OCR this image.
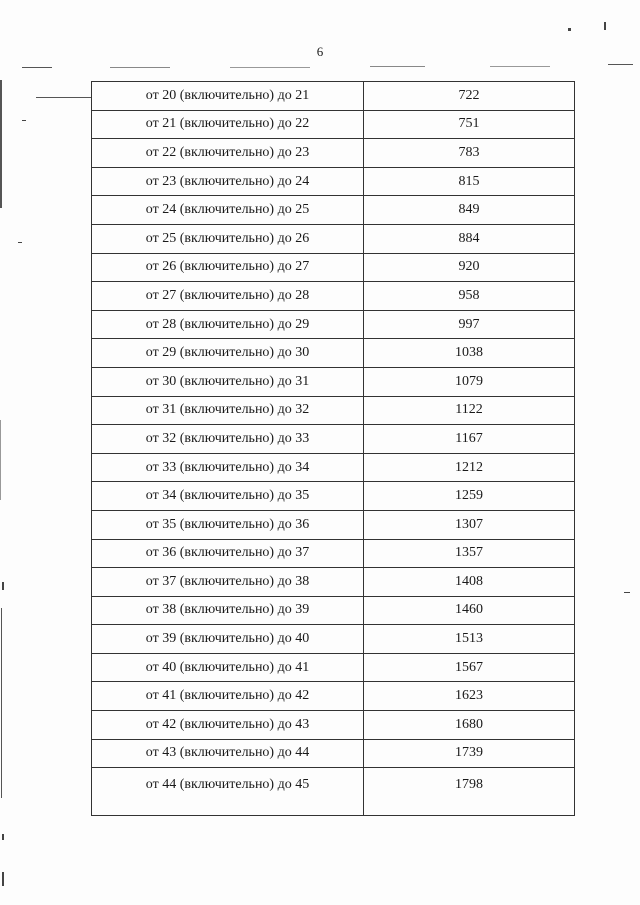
6
от 20 (включительно) до 21	722
от 21 (включительно) до 22	751
от 22 (включительно) до 23	783
от 23 (включительно) до 24	815
от 24 (включительно) до 25	849
от 25 (включительно) до 26	884
от 26 (включительно) до 27	920
от 27 (включительно) до 28	958
от 28 (включительно) до 29	997
от 29 (включительно) до 30	1038
от 30 (включительно) до 31	1079
от 31 (включительно) до 32	1122
от 32 (включительно) до 33	1167
от 33 (включительно) до 34	1212
от 34 (включительно) до 35	1259
от 35 (включительно) до 36	1307
от 36 (включительно) до 37	1357
от 37 (включительно) до 38	1408
от 38 (включительно) до 39	1460
от 39 (включительно) до 40	1513
от 40 (включительно) до 41	1567
от 41 (включительно) до 42	1623
от 42 (включительно) до 43	1680
от 43 (включительно) до 44	1739
от 44 (включительно) до 45	1798
